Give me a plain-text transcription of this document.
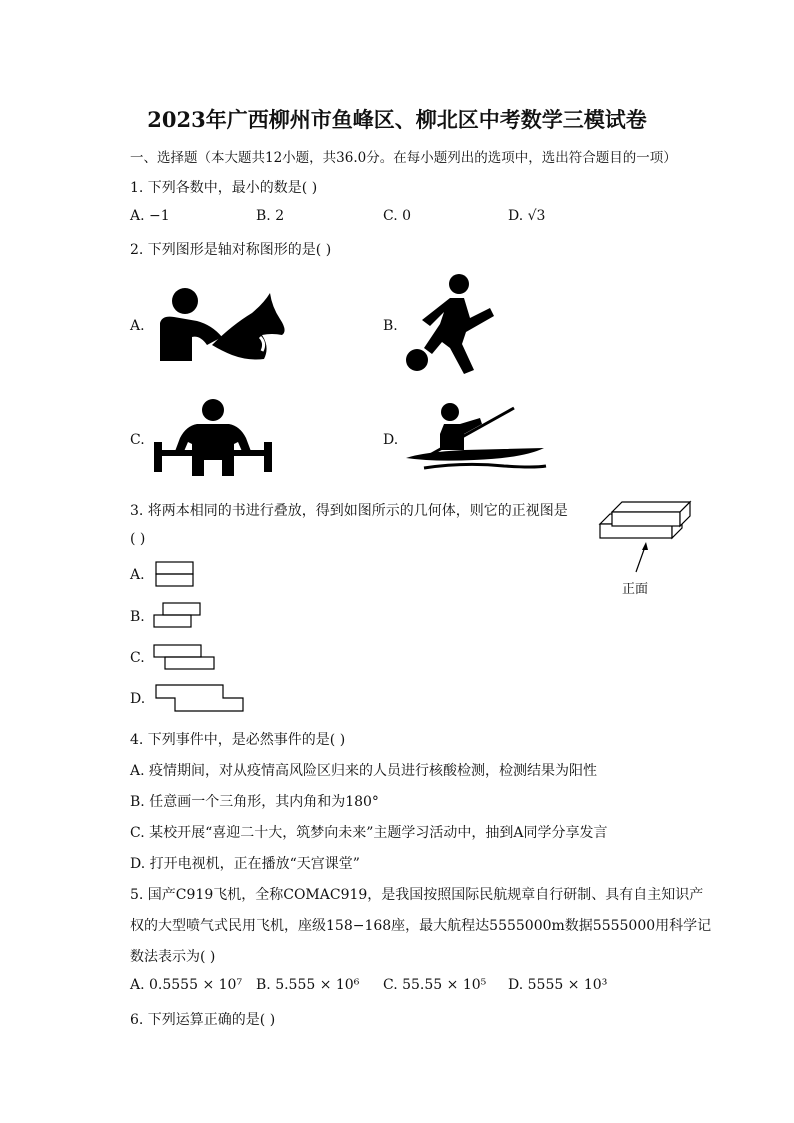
2023年广西柳州市鱼峰区、柳北区中考数学三模试卷
一、选择题（本大题共12小题，共36.0分。在每小题列出的选项中，选出符合题目的一项）
1. 下列各数中，最小的数是( )
A. −1	B. 2	C. 0	D. √3
2. 下列图形是轴对称图形的是( )
A.	B.
C.	D.
3. 将两本相同的书进行叠放，得到如图所示的几何体，则它的正视图是
( )
正面
A.
B.
C.
D.
4. 下列事件中，是必然事件的是( )
A. 疫情期间，对从疫情高风险区归来的人员进行核酸检测，检测结果为阳性
B. 任意画一个三角形，其内角和为180°
C. 某校开展“喜迎二十大，筑梦向未来”主题学习活动中，抽到A同学分享发言
D. 打开电视机，正在播放“天宫课堂”
5. 国产C919飞机，全称COMAC919，是我国按照国际民航规章自行研制、具有自主知识产
权的大型喷气式民用飞机，座级158−168座，最大航程达5555000m数据5555000用科学记
数法表示为( )
A. 0.5555 × 10⁷ B. 5.555 × 10⁶ C. 55.55 × 10⁵ D. 5555 × 10³
6. 下列运算正确的是( )
